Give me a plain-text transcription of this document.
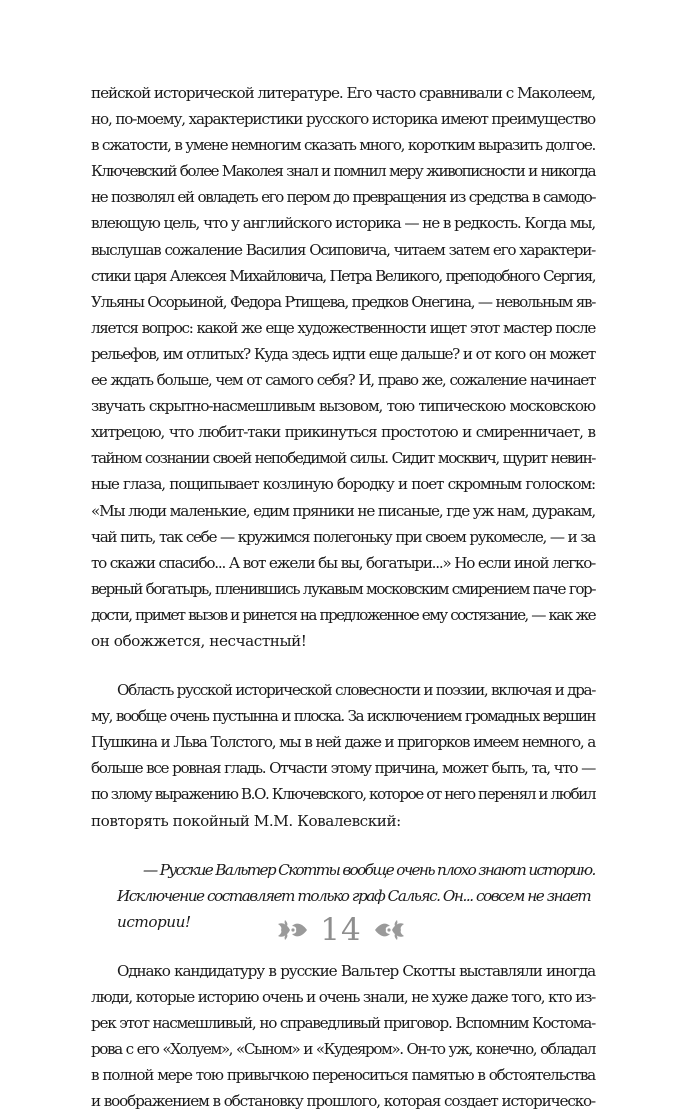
пейской исторической литературе. Его часто сравнивали с Маколеем,
но, по-моему, характеристики русского историка имеют преимущество
в сжатости, в умене немногим сказать много, коротким выразить долгое.
Ключевский более Маколея знал и помнил меру живописности и никогда
не позволял ей овладеть его пером до превращения из средства в самодо-
влеющую цель, что у английского историка — не в редкость. Когда мы,
выслушав сожаление Василия Осиповича, читаем затем его характери-
стики царя Алексея Михайловича, Петра Великого, преподобного Сергия,
Ульяны Осорьиной, Федора Ртищева, предков Онегина, — невольным яв-
ляется вопрос: какой же еще художественности ищет этот мастер после
рельефов, им отлитых? Куда здесь идти еще дальше? и от кого он может
ее ждать больше, чем от самого себя? И, право же, сожаление начинает
звучать скрытно-насмешливым вызовом, тою типическою московскою
хитрецою, что любит-таки прикинуться простотою и смиренничает, в
тайном сознании своей непобедимой силы. Сидит москвич, щурит невин-
ные глаза, пощипывает козлиную бородку и поет скромным голоском:
«Мы люди маленькие, едим пряники не писаные, где уж нам, дуракам,
чай пить, так себе — кружимся полегоньку при своем рукомесле, — и за
то скажи спасибо... А вот ежели бы вы, богатыри...» Но если иной легко-
верный богатырь, пленившись лукавым московским смирением паче гор-
дости, примет вызов и ринется на предложенное ему состязание, — как же
он обожжется, несчастный!
Область русской исторической словесности и поэзии, включая и дра-
му, вообще очень пустынна и плоска. За исключением громадных вершин
Пушкина и Льва Толстого, мы в ней даже и пригорков имеем немного, а
больше все ровная гладь. Отчасти этому причина, может быть, та, что —
по злому выражению В.О. Ключевского, которое от него перенял и любил
повторять покойный М.М. Ковалевский:
— Русские Вальтер Скотты вообще очень плохо знают историю.
Исключение составляет только граф Сальяс. Он... совсем не знает
истории!
Однако кандидатуру в русские Вальтер Скотты выставляли иногда
люди, которые историю очень и очень знали, не хуже даже того, кто из-
рек этот насмешливый, но справедливый приговор. Вспомним Костома-
рова с его «Холуем», «Сыном» и «Кудеяром». Он-то уж, конечно, обладал
в полной мере тою привычкою переноситься памятью в обстоятельства
и воображением в обстановку прошлого, которая создает историческо-
14
